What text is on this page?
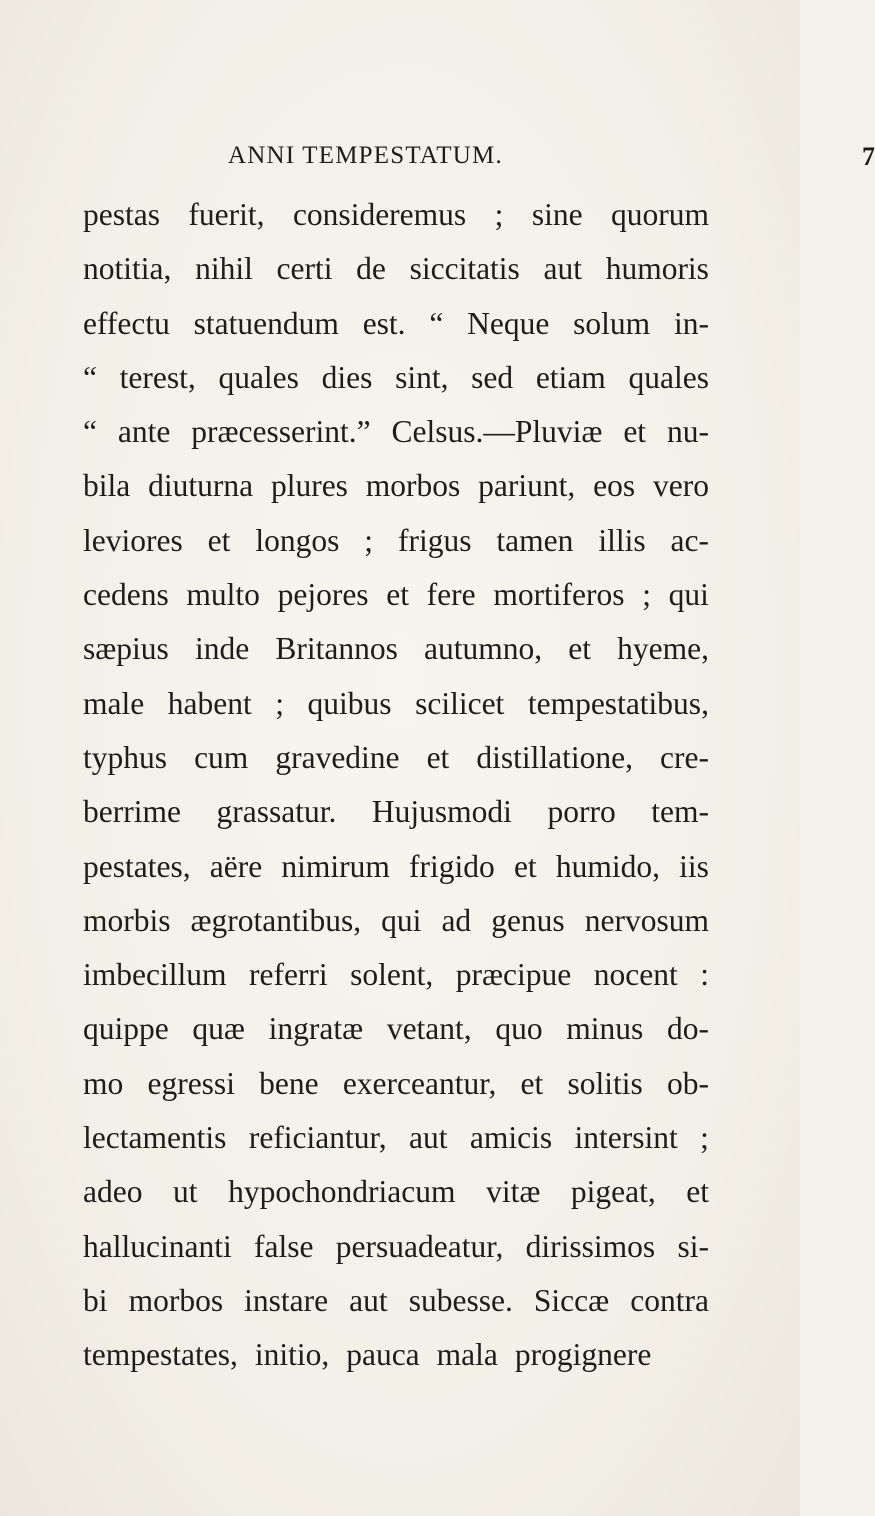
ANNI TEMPESTATUM.	7
pestas fuerit, consideremus ; sine quorum
notitia, nihil certi de siccitatis aut humoris
effectu statuendum est. “ Neque solum in-
“ terest, quales dies sint, sed etiam quales
“ ante præcesserint.” Celsus.—Pluviæ et nu-
bila diuturna plures morbos pariunt, eos vero
leviores et longos ; frigus tamen illis ac-
cedens multo pejores et fere mortiferos ; qui
sæpius inde Britannos autumno, et hyeme,
male habent ; quibus scilicet tempestatibus,
typhus cum gravedine et distillatione, cre-
berrime grassatur. Hujusmodi porro tem-
pestates, aëre nimirum frigido et humido, iis
morbis ægrotantibus, qui ad genus nervosum
imbecillum referri solent, præcipue nocent :
quippe quæ ingratæ vetant, quo minus do-
mo egressi bene exerceantur, et solitis ob-
lectamentis reficiantur, aut amicis intersint ;
adeo ut hypochondriacum vitæ pigeat, et
hallucinanti false persuadeatur, dirissimos si-
bi morbos instare aut subesse. Siccæ contra
tempestates, initio, pauca mala progignere
